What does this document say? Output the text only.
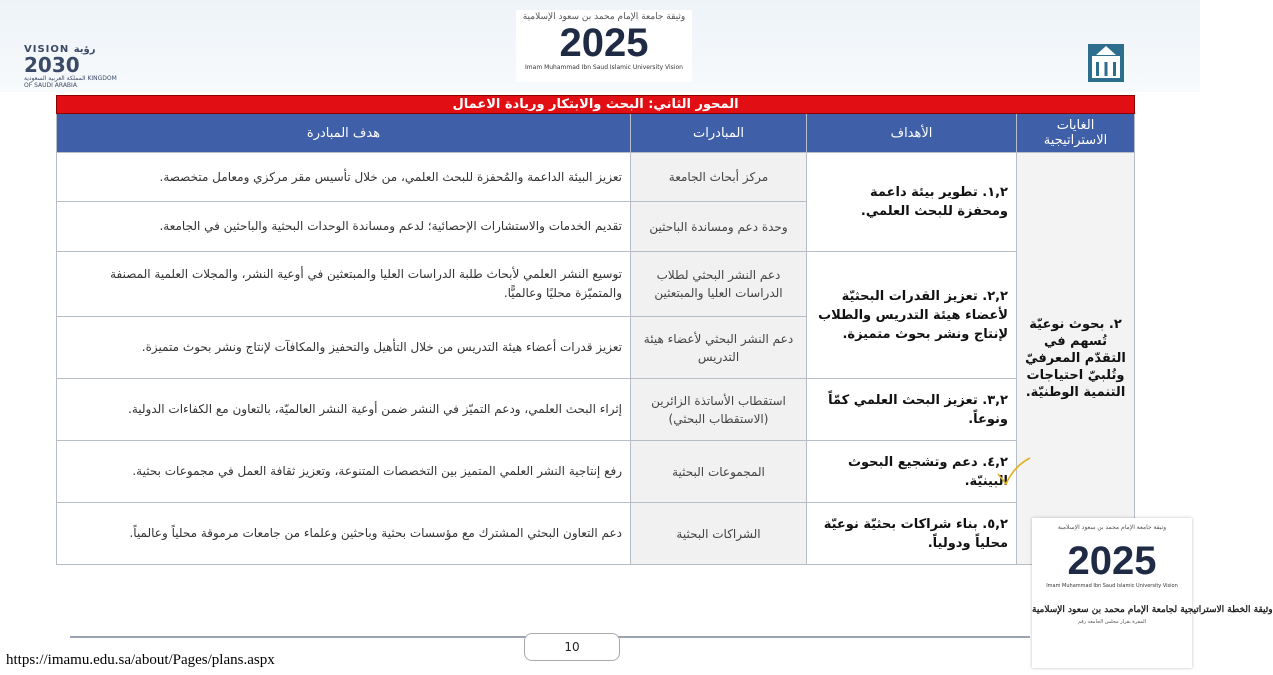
VISION رؤية
2030
المملكة العربية السعودية KINGDOM OF SAUDI ARABIA
وثيقة جامعة الإمام محمد بن سعود الإسلامية
2025
Imam Muhammad Ibn Saud Islamic University Vision
المحور الثاني: البحث والابتكار وريادة الاعمال			
الغايات الاستراتيجية	الأهداف	المبادرات	هدف المبادرة
٢. بحوث نوعيّة تُسهم في التقدّم المعرفيّ وتُلبيّ احتياجات التنمية الوطنيّة.	١,٢. تطوير بيئة داعمة ومحفزة للبحث العلمي.	مركز أبحاث الجامعة	تعزيز البيئة الداعمة والمُحفزة للبحث العلمي، من خلال تأسيس مقر مركزي ومعامل متخصصة.
		وحدة دعم ومساندة الباحثين	تقديم الخدمات والاستشارات الإحصائية؛ لدعم ومساندة الوحدات البحثية والباحثين في الجامعة.
	٢,٢. تعزيز القدرات البحثيّة لأعضاء هيئة التدريس والطلاب لإنتاج ونشر بحوث متميزة.	دعم النشر البحثي لطلاب الدراسات العليا والمبتعثين	توسيع النشر العلمي لأبحاث طلبة الدراسات العليا والمبتعثين في أوعية النشر، والمجلات العلمية المصنفة والمتميّزة محليًا وعالميًّا.
		دعم النشر البحثي لأعضاء هيئة التدريس	تعزيز قدرات أعضاء هيئة التدريس من خلال التأهيل والتحفيز والمكافآت لإنتاج ونشر بحوث متميزة.
	٣,٢. تعزيز البحث العلمي كمّاً ونوعاً.	استقطاب الأساتذة الزائرين (الاستقطاب البحثي)	إثراء البحث العلمي، ودعم التميّز في النشر ضمن أوعية النشر العالميّة، بالتعاون مع الكفاءات الدولية.
	٤,٢. دعم وتشجيع البحوث البينيّة.	المجموعات البحثية	رفع إنتاجية النشر العلمي المتميز بين التخصصات المتنوعة، وتعزيز ثقافة العمل في مجموعات بحثية.
	٥,٢. بناء شراكات بحثيّة نوعيّة محلياً ودولياً.	الشراكات البحثية	دعم التعاون البحثي المشترك مع مؤسسات بحثية وباحثين وعلماء من جامعات مرموقة محلياً وعالمياً.	وثيقة جامعة الإمام محمد بن سعود الإسلامية
2025
Imam Muhammad Ibn Saud Islamic University Vision
وثيقة الخطة الاستراتيجية لجامعة الإمام محمد بن سعود الإسلامية
المقرة بقرار مجلس الجامعة رقم
10
https://imamu.edu.sa/about/Pages/plans.aspx
